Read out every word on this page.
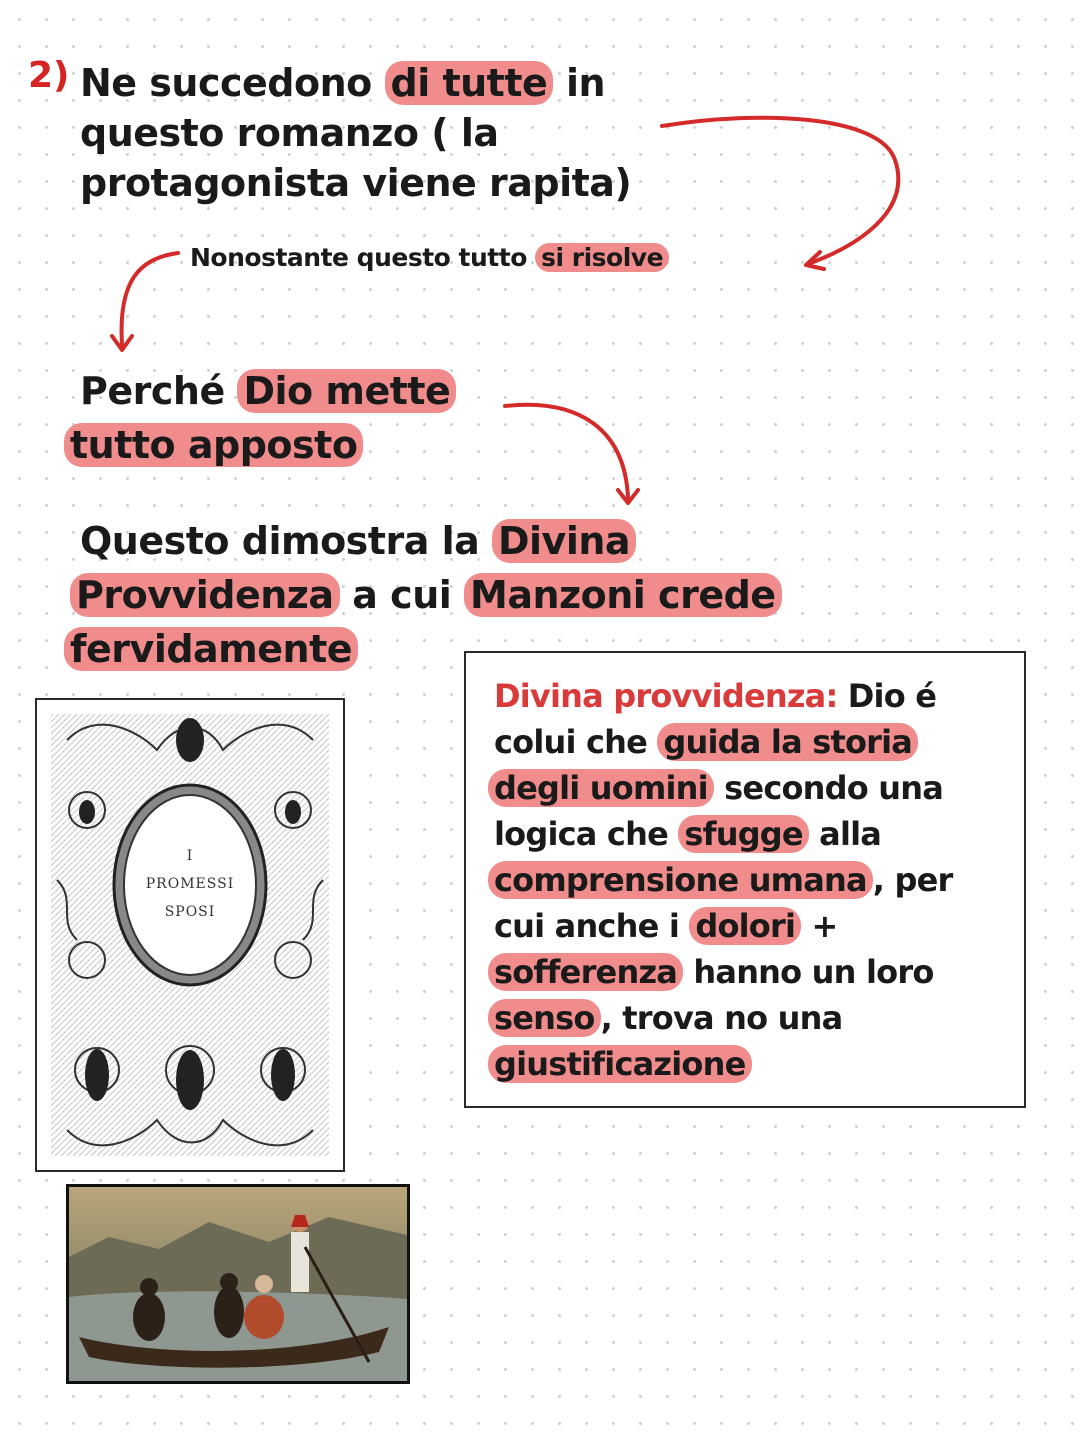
2) Ne succedono di tutte in
questo romanzo ( la
protagonista viene rapita)
Nonostante questo tutto si risolve
Perché Dio mette
tutto apposto
Questo dimostra la Divina
Provvidenza a cui Manzoni crede
fervidamente
Divina provvidenza: Dio é
colui che guida la storia
degli uomini secondo una
logica che sfugge alla
comprensione umana , per
cui anche i dolori +
sofferenza hanno un loro
senso , trova no una
giustificazione
I
PROMESSI
SPOSI
